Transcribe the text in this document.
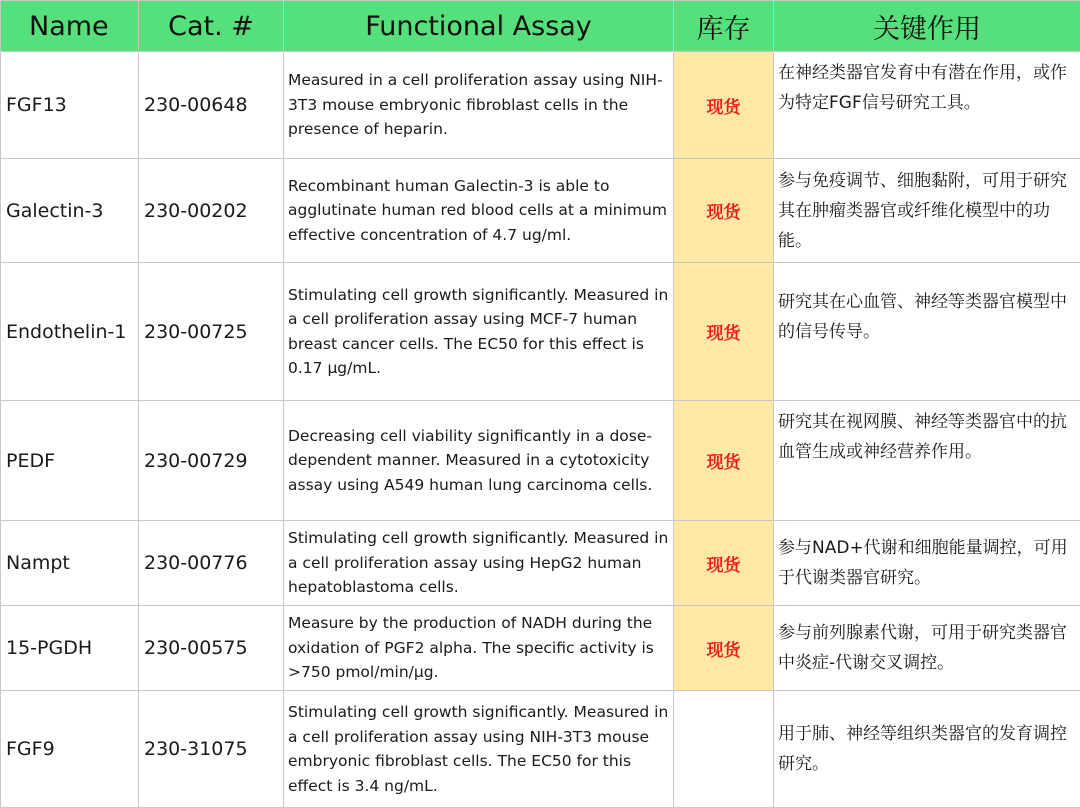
Name	Cat. #	Functional Assay	库存	关键作用
FGF13	230-00648	Measured in a cell proliferation assay using NIH-3T3 mouse embryonic fibroblast cells in the presence of heparin.	现货	在神经类器官发育中有潜在作用，或作为特定FGF信号研究工具。
Galectin-3	230-00202	Recombinant human Galectin-3 is able to agglutinate human red blood cells at a minimum effective concentration of 4.7 ug/ml.	现货	参与免疫调节、细胞黏附，可用于研究其在肿瘤类器官或纤维化模型中的功能。
Endothelin-1	230-00725	Stimulating cell growth significantly. Measured in a cell proliferation assay using MCF-7 human breast cancer cells. The EC50 for this effect is 0.17 μg/mL.	现货	研究其在心血管、神经等类器官模型中的信号传导。
PEDF	230-00729	Decreasing cell viability significantly in a dose-dependent manner. Measured in a cytotoxicity assay using A549 human lung carcinoma cells.	现货	研究其在视网膜、神经等类器官中的抗血管生成或神经营养作用。
Nampt	230-00776	Stimulating cell growth significantly. Measured in a cell proliferation assay using HepG2 human hepatoblastoma cells.	现货	参与NAD+代谢和细胞能量调控，可用于代谢类器官研究。
15-PGDH	230-00575	Measure by the production of NADH during the oxidation of PGF2 alpha. The specific activity is >750 pmol/min/μg.	现货	参与前列腺素代谢，可用于研究类器官中炎症-代谢交叉调控。
FGF9	230-31075	Stimulating cell growth significantly. Measured in a cell proliferation assay using NIH-3T3 mouse embryonic fibroblast cells. The EC50 for this effect is 3.4 ng/mL.		用于肺、神经等组织类器官的发育调控研究。
